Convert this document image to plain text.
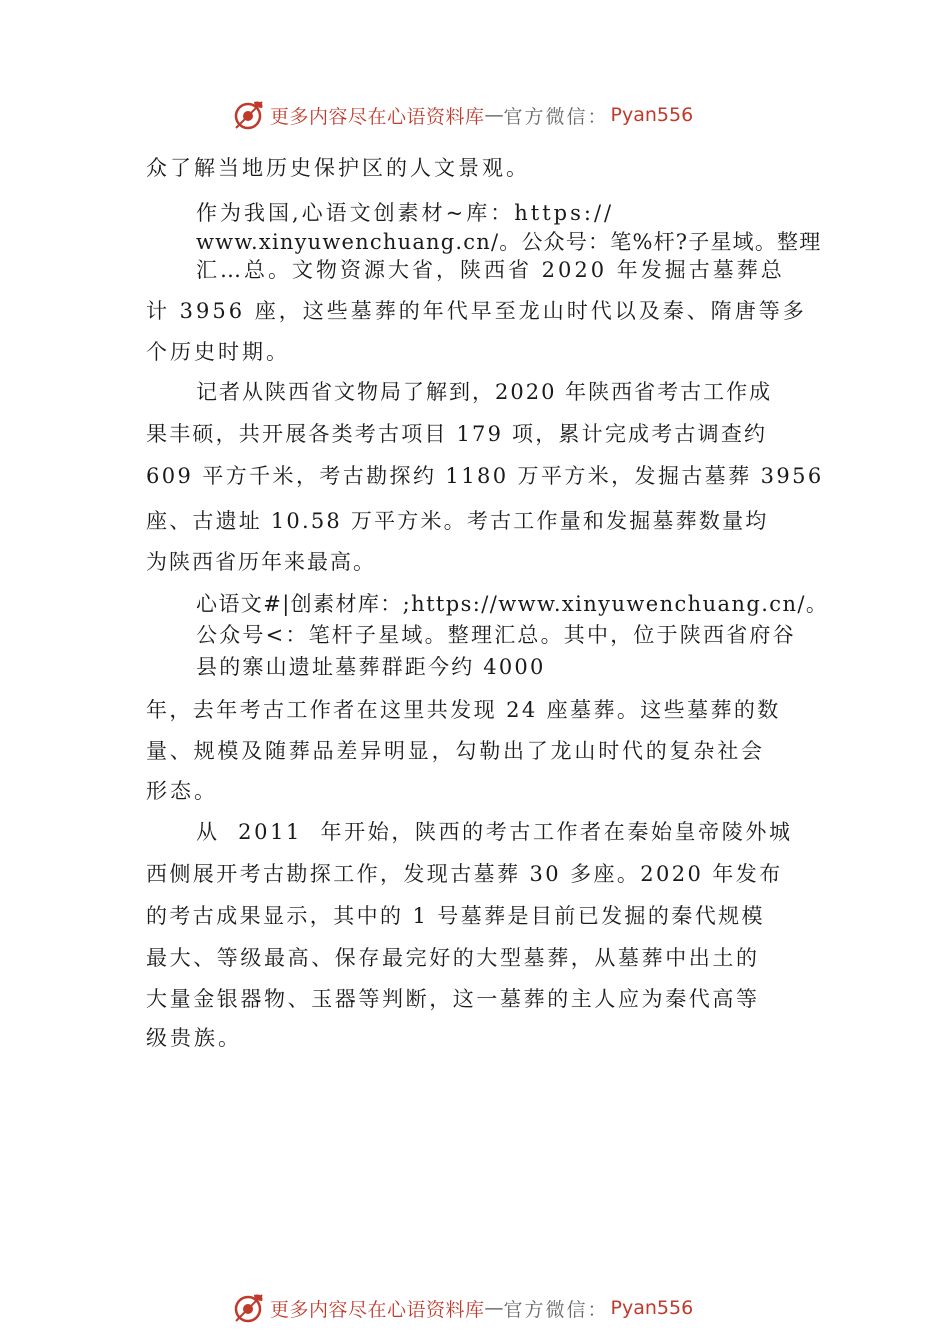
更多内容尽在心语资料库 — 官方微信： Pyan556
众了解当地历史保护区的人文景观。
作为我国,心语文创素材~库：https://
www.xinyuwenchuang.cn/。公众号：笔%杆?子星域。整理
汇…总。文物资源大省，陕西省 2020 年发掘古墓葬总
计 3956 座，这些墓葬的年代早至龙山时代以及秦、隋唐等多
个历史时期。
记者从陕西省文物局了解到，2020 年陕西省考古工作成
果丰硕，共开展各类考古项目 179 项，累计完成考古调查约
609 平方千米，考古勘探约 1180 万平方米，发掘古墓葬 3956
座、古遗址 10.58 万平方米。考古工作量和发掘墓葬数量均
为陕西省历年来最高。
心语文#|创素材库：;https://www.xinyuwenchuang.cn/。
公众号<：笔杆子星域。整理汇总。其中，位于陕西省府谷
县的寨山遗址墓葬群距今约 4000
年，去年考古工作者在这里共发现 24 座墓葬。这些墓葬的数
量、规模及随葬品差异明显，勾勒出了龙山时代的复杂社会
形态。
从  2011  年开始，陕西的考古工作者在秦始皇帝陵外城
西侧展开考古勘探工作，发现古墓葬 30 多座。2020 年发布
的考古成果显示，其中的 1 号墓葬是目前已发掘的秦代规模
最大、等级最高、保存最完好的大型墓葬，从墓葬中出土的
大量金银器物、玉器等判断，这一墓葬的主人应为秦代高等
级贵族。
更多内容尽在心语资料库 — 官方微信： Pyan556
